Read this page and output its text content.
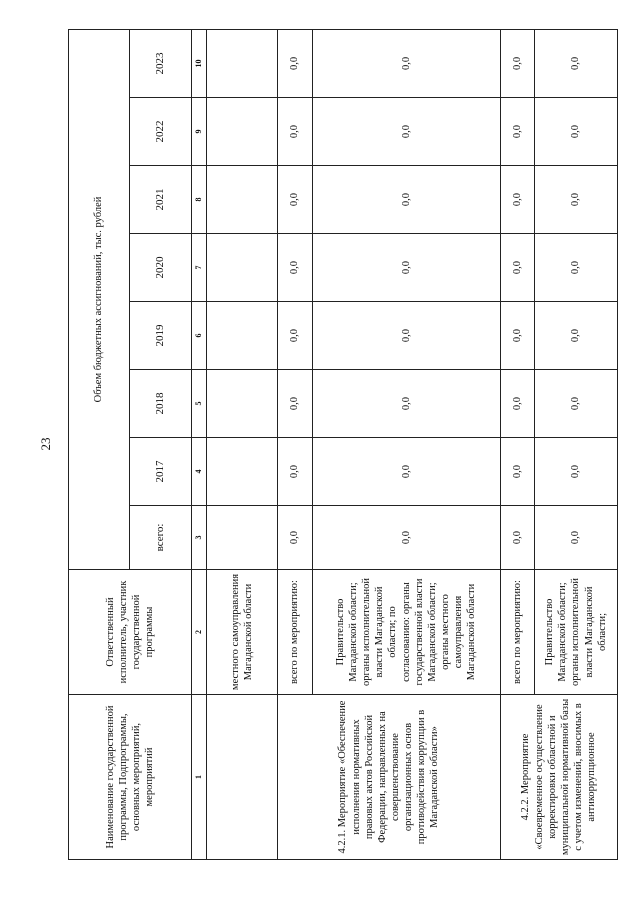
23
Наименование государственной программы, Подпрограммы, основных мероприятий, мероприятий	Ответственный исполнитель, участник государственной программы	Объем бюджетных ассигнований, тыс. рублей							
		всего:	2017	2018	2019	2020	2021	2022	2023
1	2	3	4	5	6	7	8	9	10
	местного самоуправления Магаданской области								
4.2.1. Мероприятие «Обеспечение исполнения нормативных правовых актов Российской Федерации, направленных на совершенствование организационных основ противодействия коррупции в Магаданской области»	всего по мероприятию:	0,0	0,0	0,0	0,0	0,0	0,0	0,0	0,0
	Правительство Магаданской области; органы исполнительной власти Магаданской области; по согласованию: органы государственной власти Магаданской области; органы местного самоуправления Магаданской области	0,0	0,0	0,0	0,0	0,0	0,0	0,0	0,0
4.2.2. Мероприятие «Своевременное осуществление корректировки областной и муниципальной нормативной базы с учетом изменений, вносимых в антикоррупционное	всего по мероприятию:	0,0	0,0	0,0	0,0	0,0	0,0	0,0	0,0
	Правительство Магаданской области; органы исполнительной власти Магаданской области;	0,0	0,0	0,0	0,0	0,0	0,0	0,0	0,0
